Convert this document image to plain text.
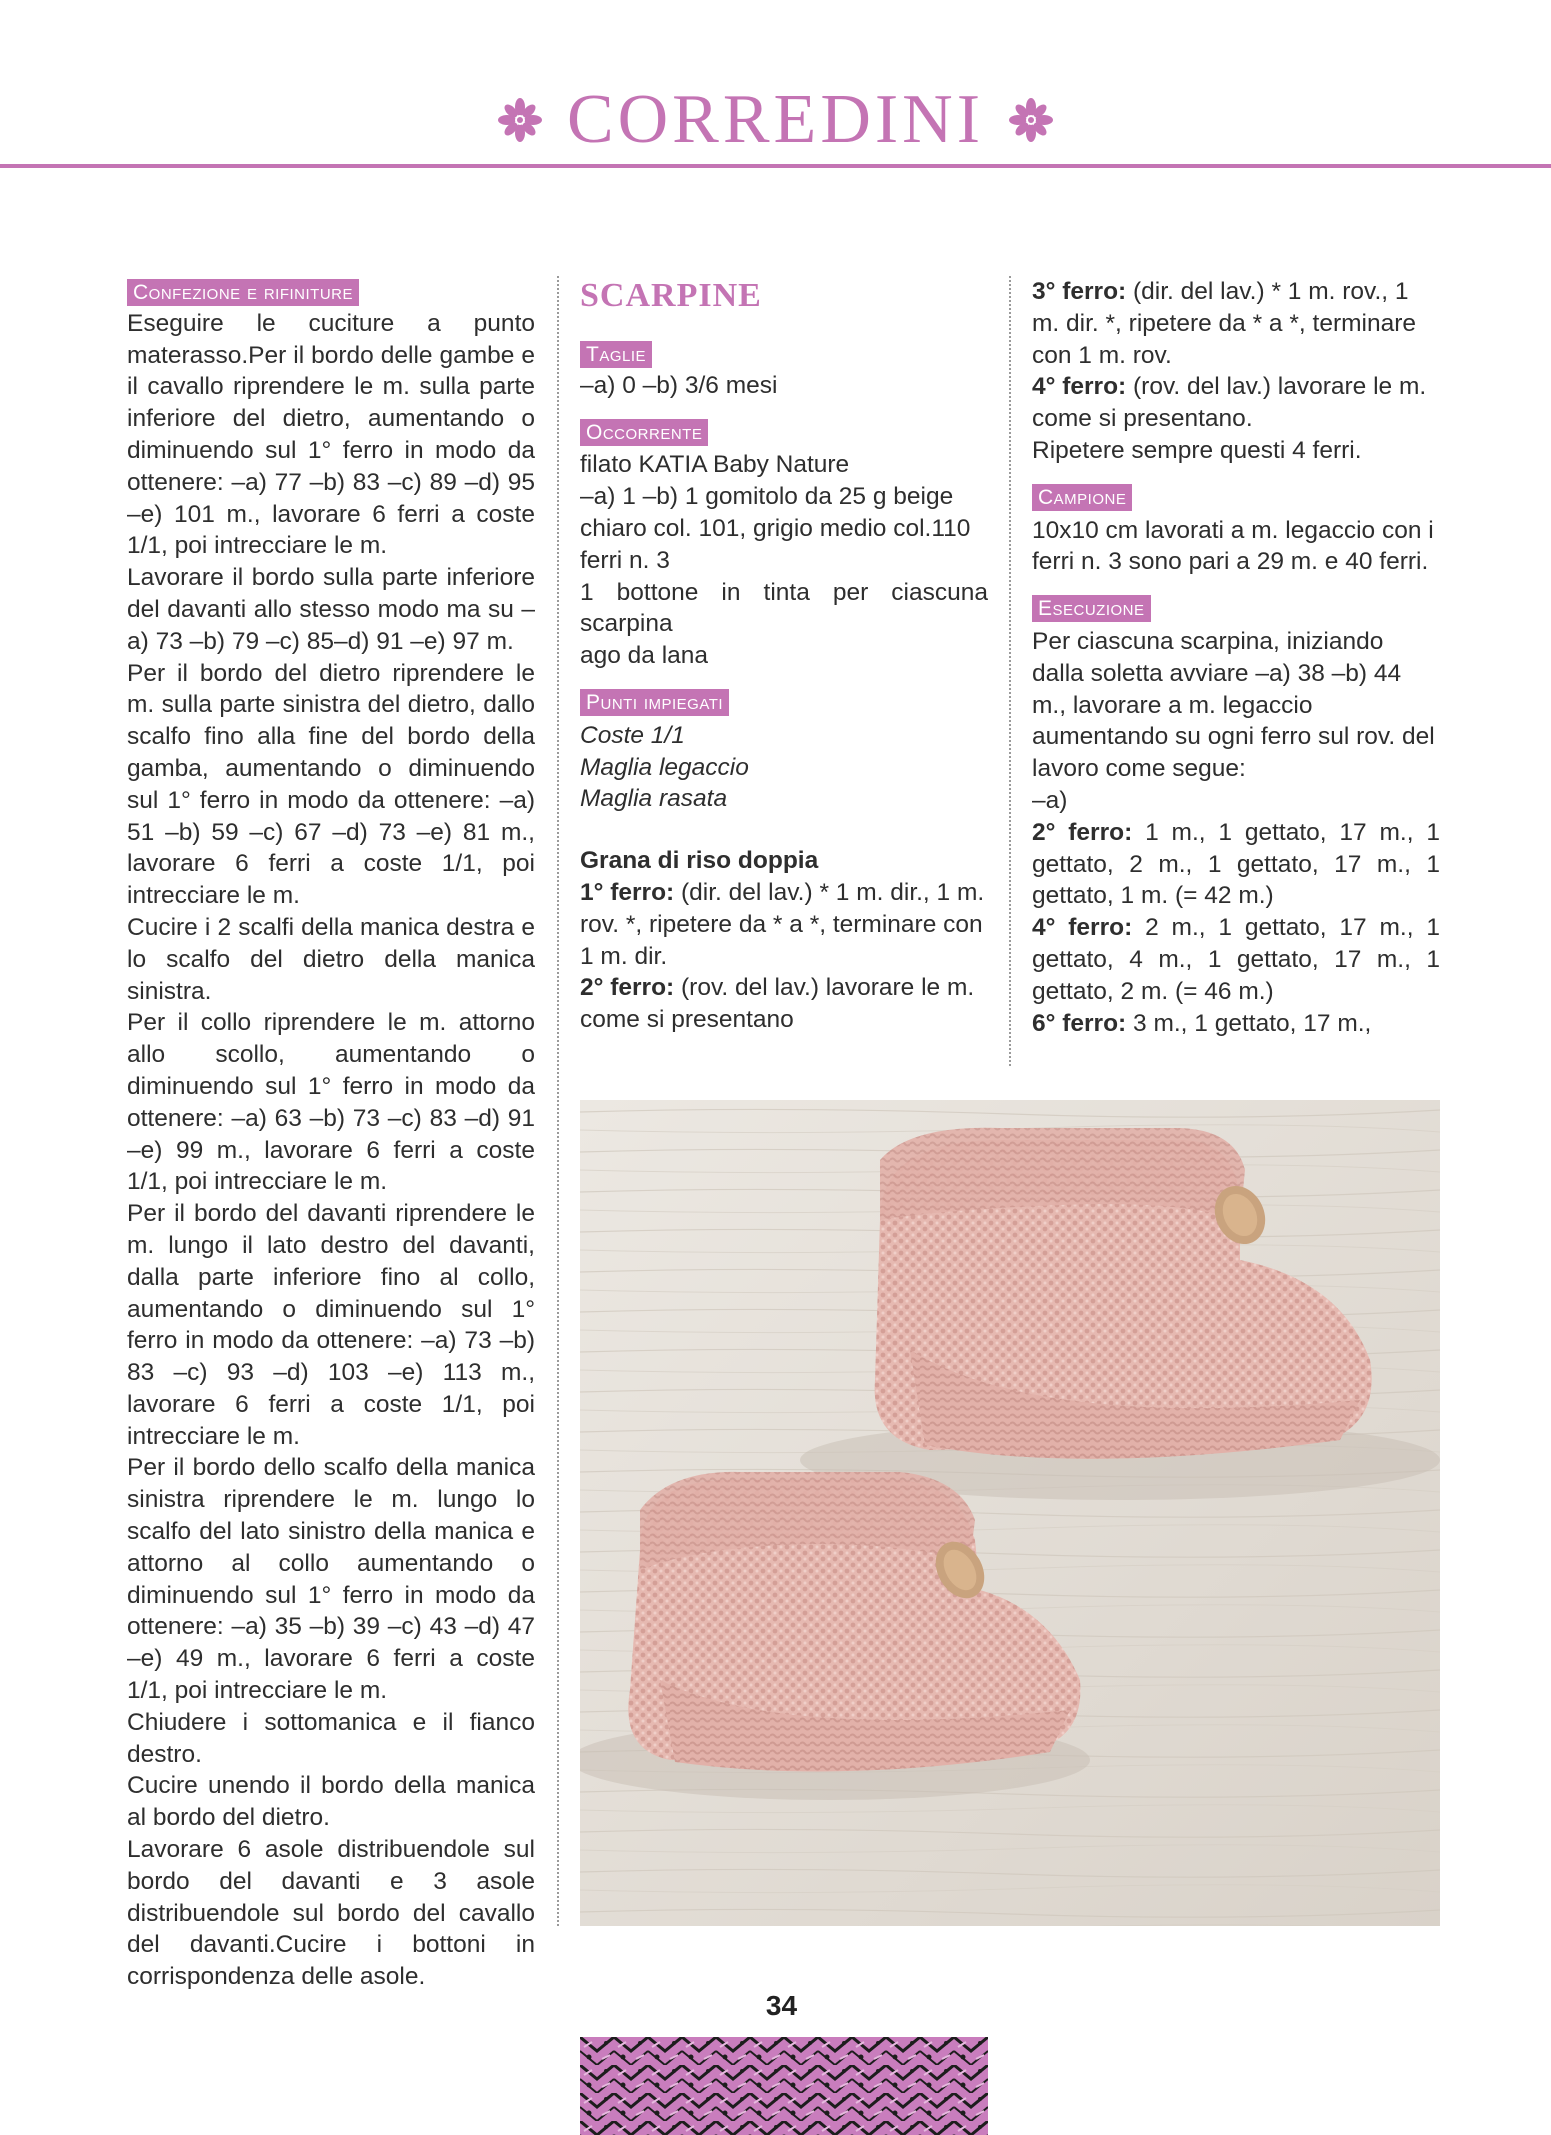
CORREDINI
Confezione e rifiniture

Eseguire le cuciture a punto materasso.Per il bordo delle gambe e il cavallo riprendere le m. sulla parte inferiore del dietro, aumentando o diminuendo sul 1° ferro in modo da ottenere: –a) 77 –b) 83 –c) 89 –d) 95 –e) 101 m., lavorare 6 ferri a coste 1/1, poi intrecciare le m.

Lavorare il bordo sulla parte inferiore del davanti allo stesso modo ma su –a) 73 –b) 79 –c) 85–d) 91 –e) 97 m.

Per il bordo del dietro riprendere le m. sulla parte sinistra del dietro, dallo scalfo fino alla fine del bordo della gamba, aumentando o diminuendo sul 1° ferro in modo da ottenere: –a) 51 –b) 59 –c) 67 –d) 73 –e) 81 m., lavorare 6 ferri a coste 1/1, poi intrecciare le m.

Cucire i 2 scalfi della manica destra e lo scalfo del dietro della manica sinistra.

Per il collo riprendere le m. attorno allo scollo, aumentando o diminuendo sul 1° ferro in modo da ottenere: –a) 63 –b) 73 –c) 83 –d) 91 –e) 99 m., lavorare 6 ferri a coste 1/1, poi intrecciare le m.

Per il bordo del davanti riprendere le m. lungo il lato destro del davanti, dalla parte inferiore fino al collo, aumentando o diminuendo sul 1° ferro in modo da ottenere: –a) 73 –b) 83 –c) 93 –d) 103 –e) 113 m., lavorare 6 ferri a coste 1/1, poi intrecciare le m.

Per il bordo dello scalfo della manica sinistra riprendere le m. lungo lo scalfo del lato sinistro della manica e attorno al collo aumentando o diminuendo sul 1° ferro in modo da ottenere: –a) 35 –b) 39 –c) 43 –d) 47 –e) 49 m., lavorare 6 ferri a coste 1/1, poi intrecciare le m.

Chiudere i sottomanica e il fianco destro.

Cucire unendo il bordo della manica al bordo del dietro.

Lavorare 6 asole distribuendole sul bordo del davanti e 3 asole distribuendole sul bordo del cavallo del davanti.Cucire i bottoni in corrispondenza delle asole.

SCARPINE
Taglie

–a) 0 –b) 3/6 mesi

Occorrente

filato KATIA Baby Nature

–a) 1 –b) 1 gomitolo da 25 g beige chiaro col. 101, grigio medio col.110

ferri n. 3

1 bottone in tinta per ciascuna scarpina

ago da lana

Punti impiegati

Coste 1/1

Maglia legaccio

Maglia rasata

Grana di riso doppia

1° ferro: (dir. del lav.) * 1 m. dir., 1 m. rov. *, ripetere da * a *, terminare con 1 m. dir.

2° ferro: (rov. del lav.) lavorare le m. come si presentano

3° ferro: (dir. del lav.) * 1 m. rov., 1 m. dir. *, ripetere da * a *, terminare con 1 m. rov.

4° ferro: (rov. del lav.) lavorare le m. come si presentano.

Ripetere sempre questi 4 ferri.

Campione

10x10 cm lavorati a m. legaccio con i ferri n. 3 sono pari a 29 m. e 40 ferri.

Esecuzione

Per ciascuna scarpina, iniziando dalla soletta avviare –a) 38 –b) 44 m., lavorare a m. legaccio aumentando su ogni ferro sul rov. del lavoro come segue:

–a)

2° ferro: 1 m., 1 gettato, 17 m., 1 gettato, 2 m., 1 gettato, 17 m., 1 gettato, 1 m. (= 42 m.)

4° ferro: 2 m., 1 gettato, 17 m., 1 gettato, 4 m., 1 gettato, 17 m., 1 gettato, 2 m. (= 46 m.)

6° ferro: 3 m., 1 gettato, 17 m.,

34
